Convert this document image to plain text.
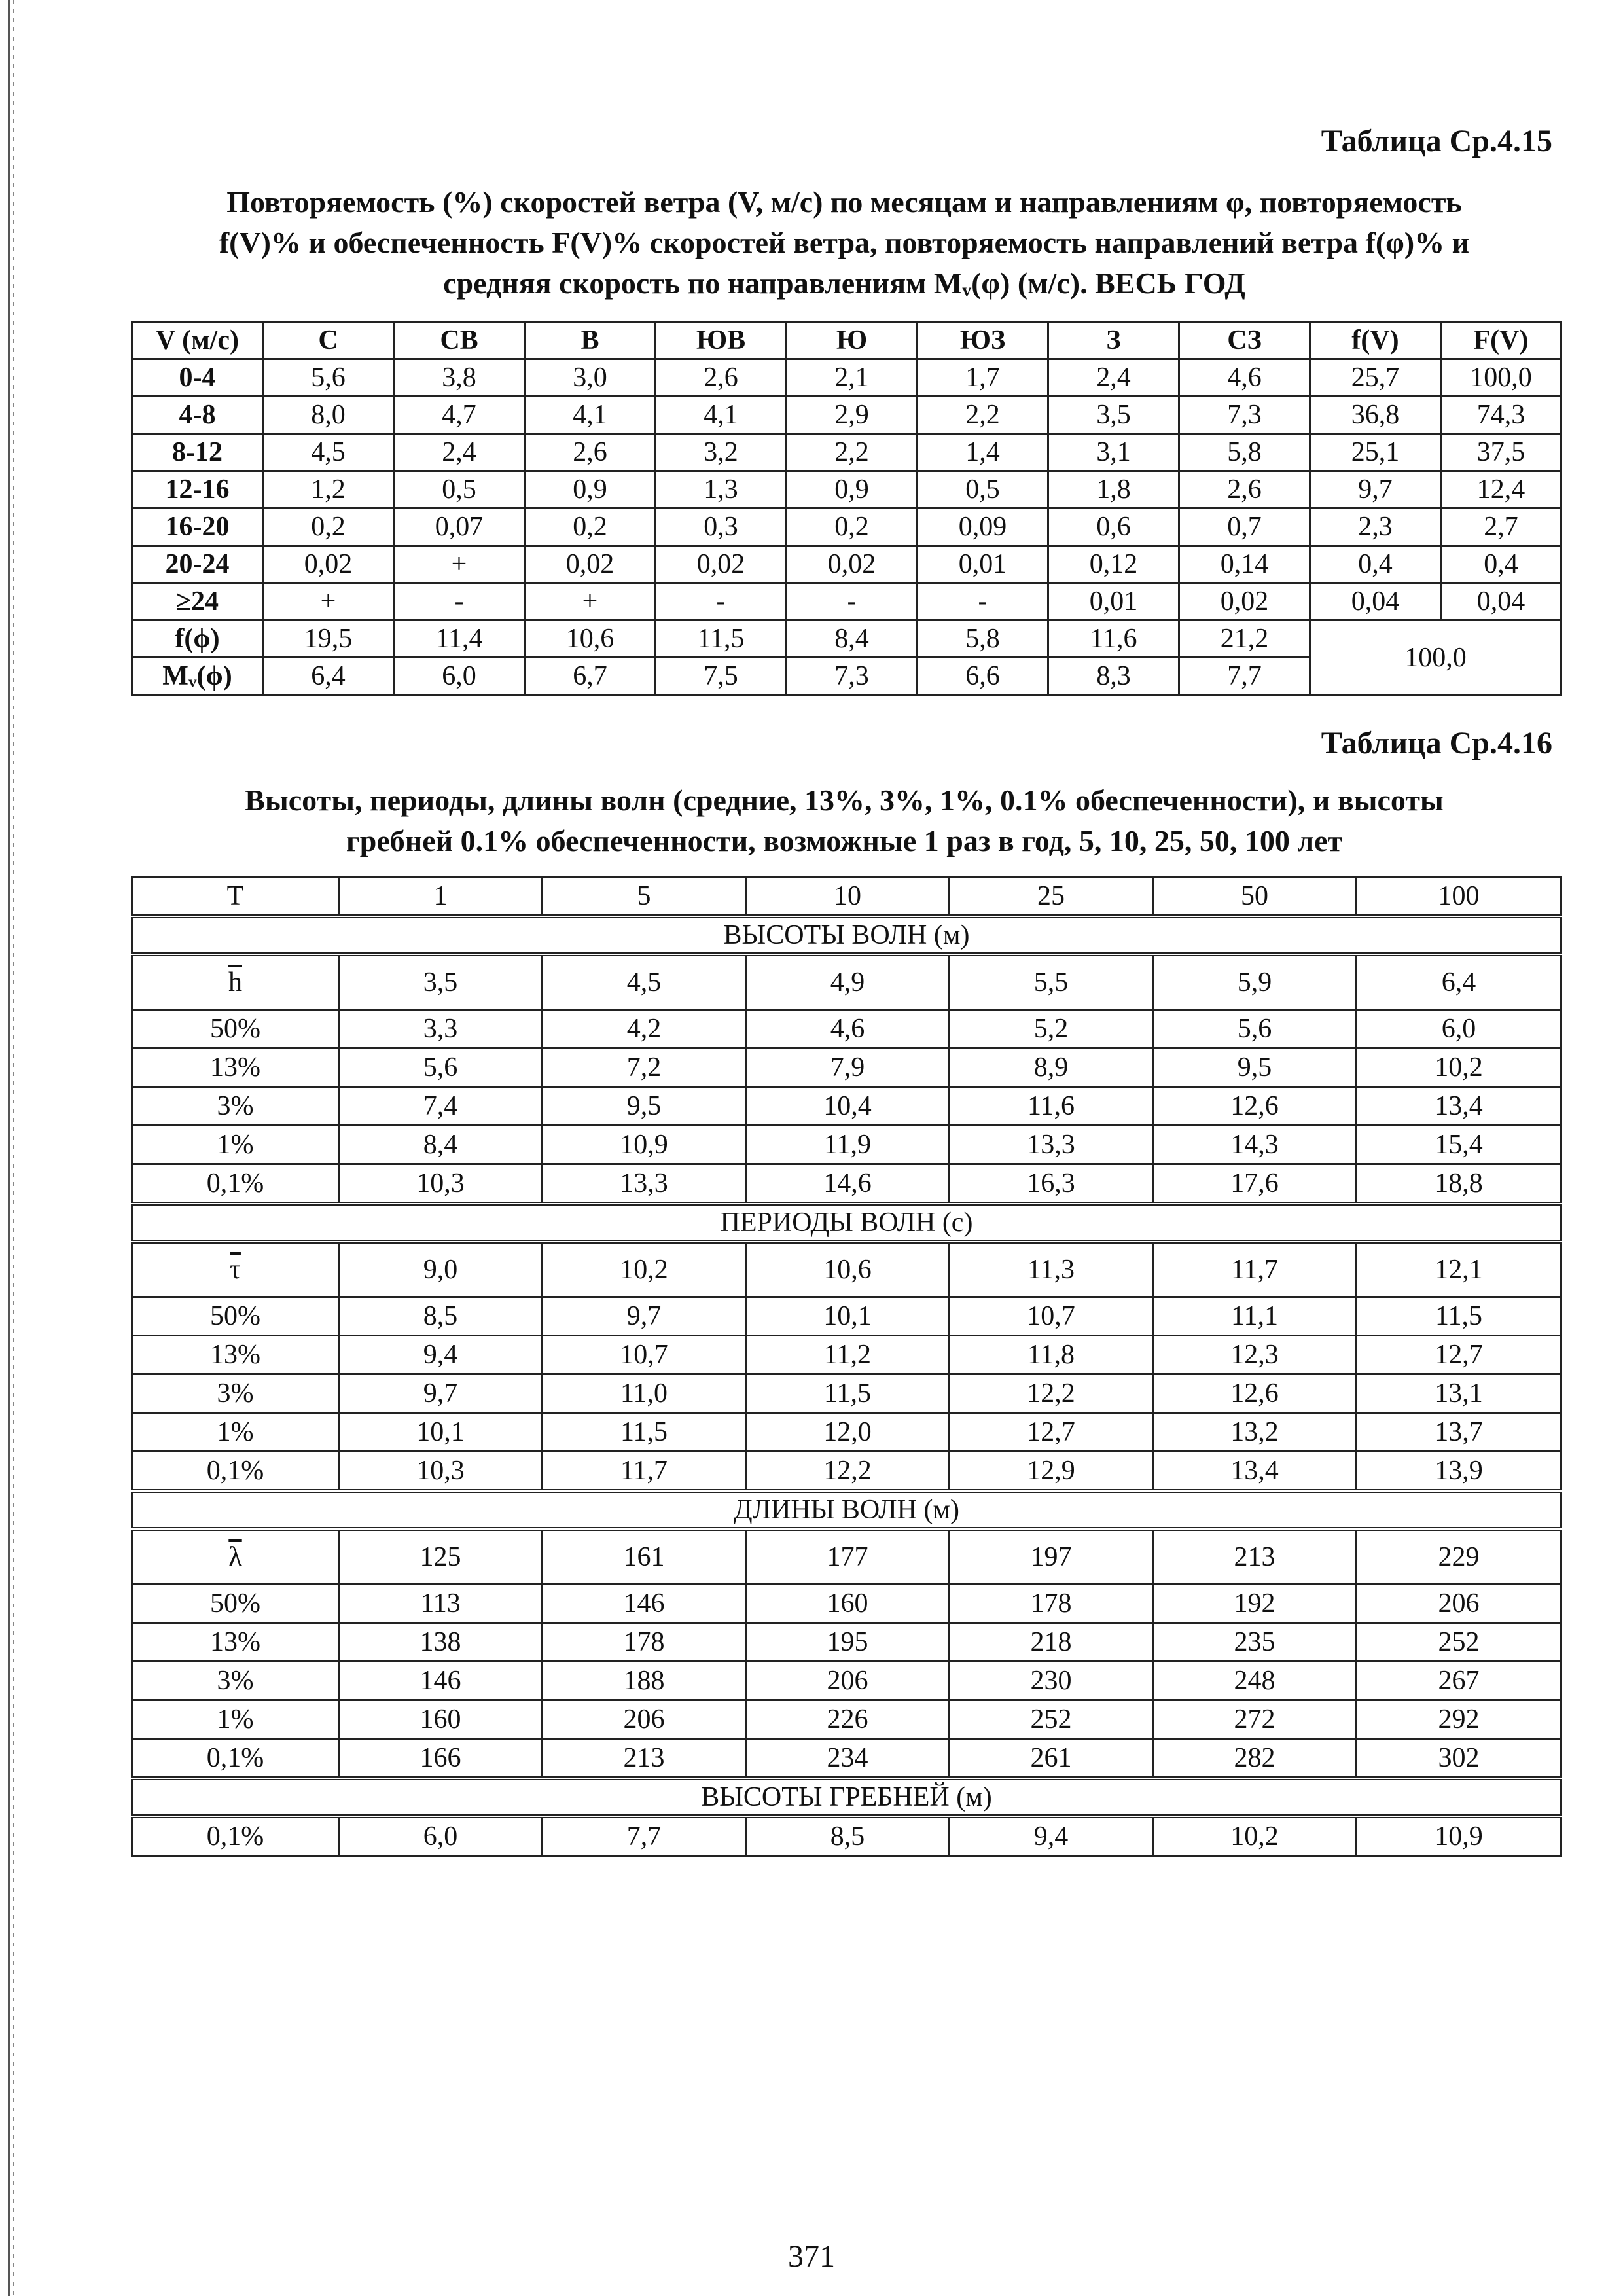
Таблица Ср.4.15
Повторяемость (%) скоростей ветра (V, м/с) по месяцам и направлениям φ, повторяемость
f(V)% и обеспеченность F(V)% скоростей ветра, повторяемость направлений ветра f(φ)% и
средняя скорость по направлениям Mᵥ(φ) (м/с). ВЕСЬ ГОД
V (м/с)	С	СВ	В	ЮВ	Ю	ЮЗ	З	СЗ	f(V)	F(V)
0-4	5,6	3,8	3,0	2,6	2,1	1,7	2,4	4,6	25,7	100,0
4-8	8,0	4,7	4,1	4,1	2,9	2,2	3,5	7,3	36,8	74,3
8-12	4,5	2,4	2,6	3,2	2,2	1,4	3,1	5,8	25,1	37,5
12-16	1,2	0,5	0,9	1,3	0,9	0,5	1,8	2,6	9,7	12,4
16-20	0,2	0,07	0,2	0,3	0,2	0,09	0,6	0,7	2,3	2,7
20-24	0,02	+	0,02	0,02	0,02	0,01	0,12	0,14	0,4	0,4
≥24	+	-	+	-	-	-	0,01	0,02	0,04	0,04
f(ϕ)	19,5	11,4	10,6	11,5	8,4	5,8	11,6	21,2	100,0	
Mᵥ(ϕ)	6,4	6,0	6,7	7,5	7,3	6,6	8,3	7,7		
Таблица Ср.4.16
Высоты, периоды, длины волн (средние, 13%, 3%, 1%, 0.1% обеспеченности), и высоты
гребней 0.1% обеспеченности, возможные 1 раз в год, 5, 10, 25, 50, 100 лет
T	1	5	10	25	50	100
ВЫСОТЫ ВОЛН (м)						
$\overline{h}$	3,5	4,5	4,9	5,5	5,9	6,4
50%	3,3	4,2	4,6	5,2	5,6	6,0
13%	5,6	7,2	7,9	8,9	9,5	10,2
3%	7,4	9,5	10,4	11,6	12,6	13,4
1%	8,4	10,9	11,9	13,3	14,3	15,4
0,1%	10,3	13,3	14,6	16,3	17,6	18,8
ПЕРИОДЫ ВОЛН (с)						
$\overline{\tau}$	9,0	10,2	10,6	11,3	11,7	12,1
50%	8,5	9,7	10,1	10,7	11,1	11,5
13%	9,4	10,7	11,2	11,8	12,3	12,7
3%	9,7	11,0	11,5	12,2	12,6	13,1
1%	10,1	11,5	12,0	12,7	13,2	13,7
0,1%	10,3	11,7	12,2	12,9	13,4	13,9
ДЛИНЫ ВОЛН (м)						
$\overline{\lambda}$	125	161	177	197	213	229
50%	113	146	160	178	192	206
13%	138	178	195	218	235	252
3%	146	188	206	230	248	267
1%	160	206	226	252	272	292
0,1%	166	213	234	261	282	302
ВЫСОТЫ ГРЕБНЕЙ (м)						
0,1%	6,0	7,7	8,5	9,4	10,2	10,9
371
